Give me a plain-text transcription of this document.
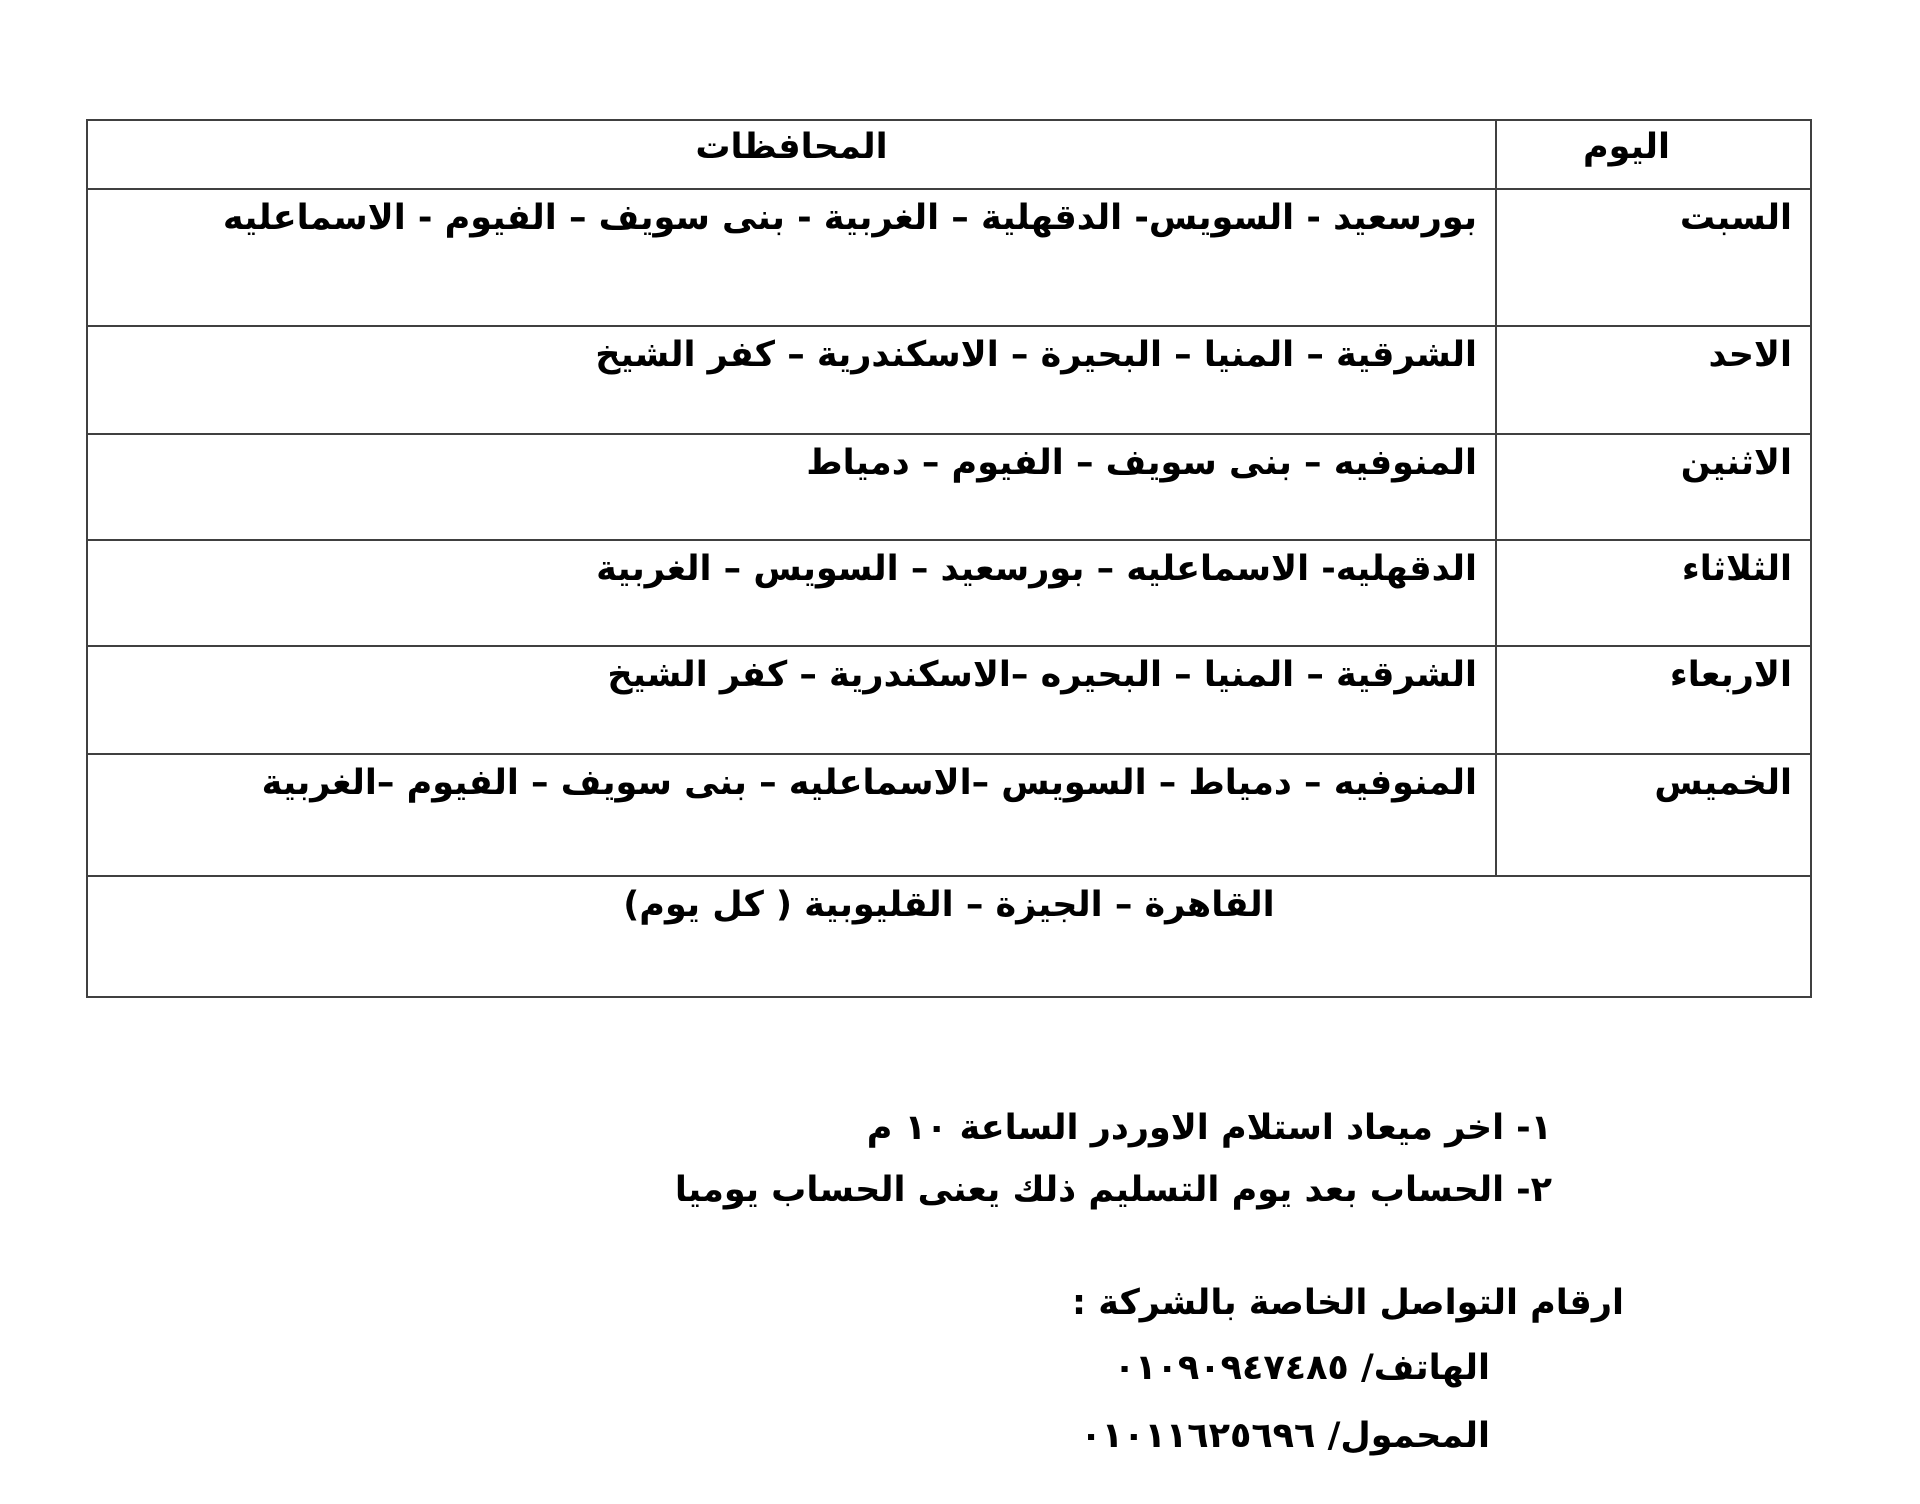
اليوم	المحافظات
السبت	بورسعيد - السويس- الدقهلية – الغربية - بنى سويف – الفيوم - الاسماعليه
الاحد	الشرقية – المنيا – البحيرة – الاسكندرية – كفر الشيخ
الاثنين	المنوفيه – بنى سويف – الفيوم – دمياط
الثلاثاء	الدقهليه- الاسماعليه – بورسعيد – السويس – الغربية
الاربعاء	الشرقية – المنيا – البحيره –الاسكندرية – كفر الشيخ
الخميس	المنوفيه – دمياط – السويس –الاسماعليه – بنى سويف – الفيوم –الغربية
القاهرة – الجيزة – القليوبية ( كل يوم)	
١-اخر ميعاد استلام الاوردر الساعة ١٠ م
٢-الحساب بعد يوم التسليم ذلك يعنى الحساب يوميا
ارقام التواصل الخاصة بالشركة :
الهاتف/ ٠١٠٩٠٩٤٧٤٨٥
المحمول/ ٠١٠١١٦٢٥٦٩٦
